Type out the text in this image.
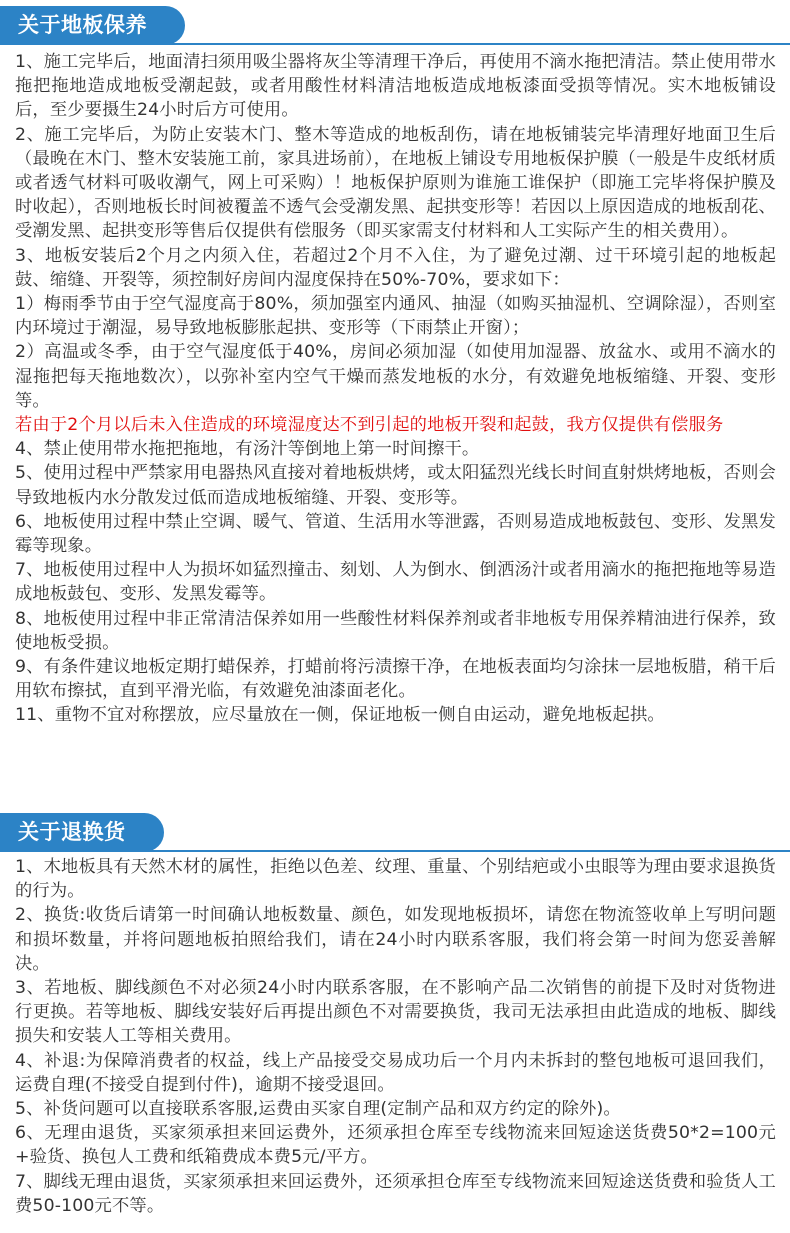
关于地板保养

1、施工完毕后，地面清扫须用吸尘器将灰尘等清理干净后，再使用不滴水拖把清洁。禁止使用带水拖把拖地造成地板受潮起鼓，或者用酸性材料清洁地板造成地板漆面受损等情况。实木地板铺设后，至少要摄生24小时后方可使用。

2、施工完毕后，为防止安装木门、整木等造成的地板刮伤，请在地板铺装完毕清理好地面卫生后（最晚在木门、整木安装施工前，家具进场前），在地板上铺设专用地板保护膜（一般是牛皮纸材质或者透气材料可吸收潮气，网上可采购）！地板保护原则为谁施工谁保护（即施工完毕将保护膜及时收起），否则地板长时间被覆盖不透气会受潮发黑、起拱变形等！若因以上原因造成的地板刮花、受潮发黑、起拱变形等售后仅提供有偿服务（即买家需支付材料和人工实际产生的相关费用）。

3、地板安装后2个月之内须入住，若超过2个月不入住，为了避免过潮、过干环境引起的地板起鼓、缩缝、开裂等，须控制好房间内湿度保持在50%-70%，要求如下：

1）梅雨季节由于空气湿度高于80%，须加强室内通风、抽湿（如购买抽湿机、空调除湿），否则室内环境过于潮湿，易导致地板膨胀起拱、变形等（下雨禁止开窗）；

2）高温或冬季，由于空气湿度低于40%，房间必须加湿（如使用加湿器、放盆水、或用不滴水的湿拖把每天拖地数次），以弥补室内空气干燥而蒸发地板的水分，有效避免地板缩缝、开裂、变形等。

若由于2个月以后未入住造成的环境湿度达不到引起的地板开裂和起鼓，我方仅提供有偿服务

4、禁止使用带水拖把拖地，有汤汁等倒地上第一时间擦干。

5、使用过程中严禁家用电器热风直接对着地板烘烤，或太阳猛烈光线长时间直射烘烤地板，否则会导致地板内水分散发过低而造成地板缩缝、开裂、变形等。

6、地板使用过程中禁止空调、暖气、管道、生活用水等泄露，否则易造成地板鼓包、变形、发黑发霉等现象。

7、地板使用过程中人为损坏如猛烈撞击、刻划、人为倒水、倒洒汤汁或者用滴水的拖把拖地等易造成地板鼓包、变形、发黑发霉等。

8、地板使用过程中非正常清洁保养如用一些酸性材料保养剂或者非地板专用保养精油进行保养，致使地板受损。

9、有条件建议地板定期打蜡保养，打蜡前将污渍擦干净，在地板表面均匀涂抹一层地板腊，稍干后用软布擦拭，直到平滑光临，有效避免油漆面老化。

11、重物不宜对称摆放，应尽量放在一侧，保证地板一侧自由运动，避免地板起拱。

关于退换货

1、木地板具有天然木材的属性，拒绝以色差、纹理、重量、个别结疤或小虫眼等为理由要求退换货的行为。

2、换货:收货后请第一时间确认地板数量、颜色，如发现地板损坏，请您在物流签收单上写明问题和损坏数量，并将问题地板拍照给我们，请在24小时内联系客服，我们将会第一时间为您妥善解决。

3、若地板、脚线颜色不对必须24小时内联系客服，在不影响产品二次销售的前提下及时对货物进行更换。若等地板、脚线安装好后再提出颜色不对需要换货，我司无法承担由此造成的地板、脚线损失和安装人工等相关费用。

4、补退:为保障消费者的权益，线上产品接受交易成功后一个月内未拆封的整包地板可退回我们，运费自理(不接受自提到付件)，逾期不接受退回。

5、补货问题可以直接联系客服,运费由买家自理(定制产品和双方约定的除外)。

6、无理由退货，买家须承担来回运费外，还须承担仓库至专线物流来回短途送货费50*2=100元+验货、换包人工费和纸箱费成本费5元/平方。

7、脚线无理由退货，买家须承担来回运费外，还须承担仓库至专线物流来回短途送货费和验货人工费50-100元不等。
